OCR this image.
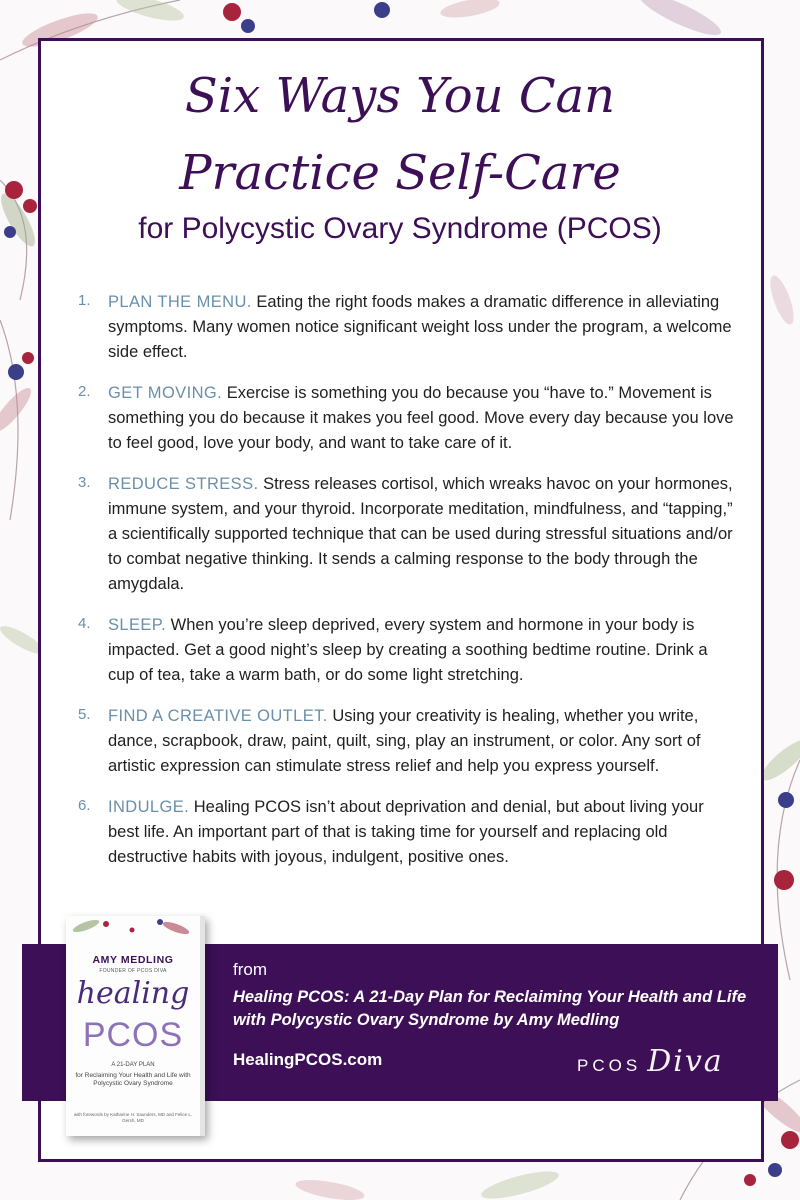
Six Ways You Can
Practice Self-Care
for Polycystic Ovary Syndrome (PCOS)
1.	PLAN THE MENU. Eating the right foods makes a dramatic difference in alleviating symptoms. Many women notice significant weight loss under the program, a welcome side effect.

2.	GET MOVING. Exercise is something you do because you “have to.” Movement is something you do because it makes you feel good. Move every day because you love to feel good, love your body, and want to take care of it.

3.	REDUCE STRESS. Stress releases cortisol, which wreaks havoc on your hormones, immune system, and your thyroid. Incorporate meditation, mindfulness, and “tapping,” a scientifically supported technique that can be used during stressful situations and/or to combat negative thinking. It sends a calming response to the body through the amygdala.

4.	SLEEP. When you’re sleep deprived, every system and hormone in your body is impacted. Get a good night’s sleep by creating a soothing bedtime routine. Drink a cup of tea, take a warm bath, or do some light stretching.

5.	FIND A CREATIVE OUTLET. Using your creativity is healing, whether you write, dance, scrapbook, draw, paint, quilt, sing, play an instrument, or color. Any sort of artistic expression can stimulate stress relief and help you express yourself.

6.	INDULGE. Healing PCOS isn’t about deprivation and denial, but about living your best life. An important part of that is taking time for yourself and replacing old destructive habits with joyous, indulgent, positive ones.

from

Healing PCOS: A 21-Day Plan for Reclaiming Your Health and Life with Polycystic Ovary Syndrome by Amy Medling

HealingPCOS.com	PCOS Diva
AMY MEDLING
FOUNDER OF PCOS DIVA
healing
PCOS
A 21-DAY PLAN
for Reclaiming Your Health and Life with Polycystic Ovary Syndrome
with forewords by Katharine H. Saunders, MD and Felice L. Gersh, MD
